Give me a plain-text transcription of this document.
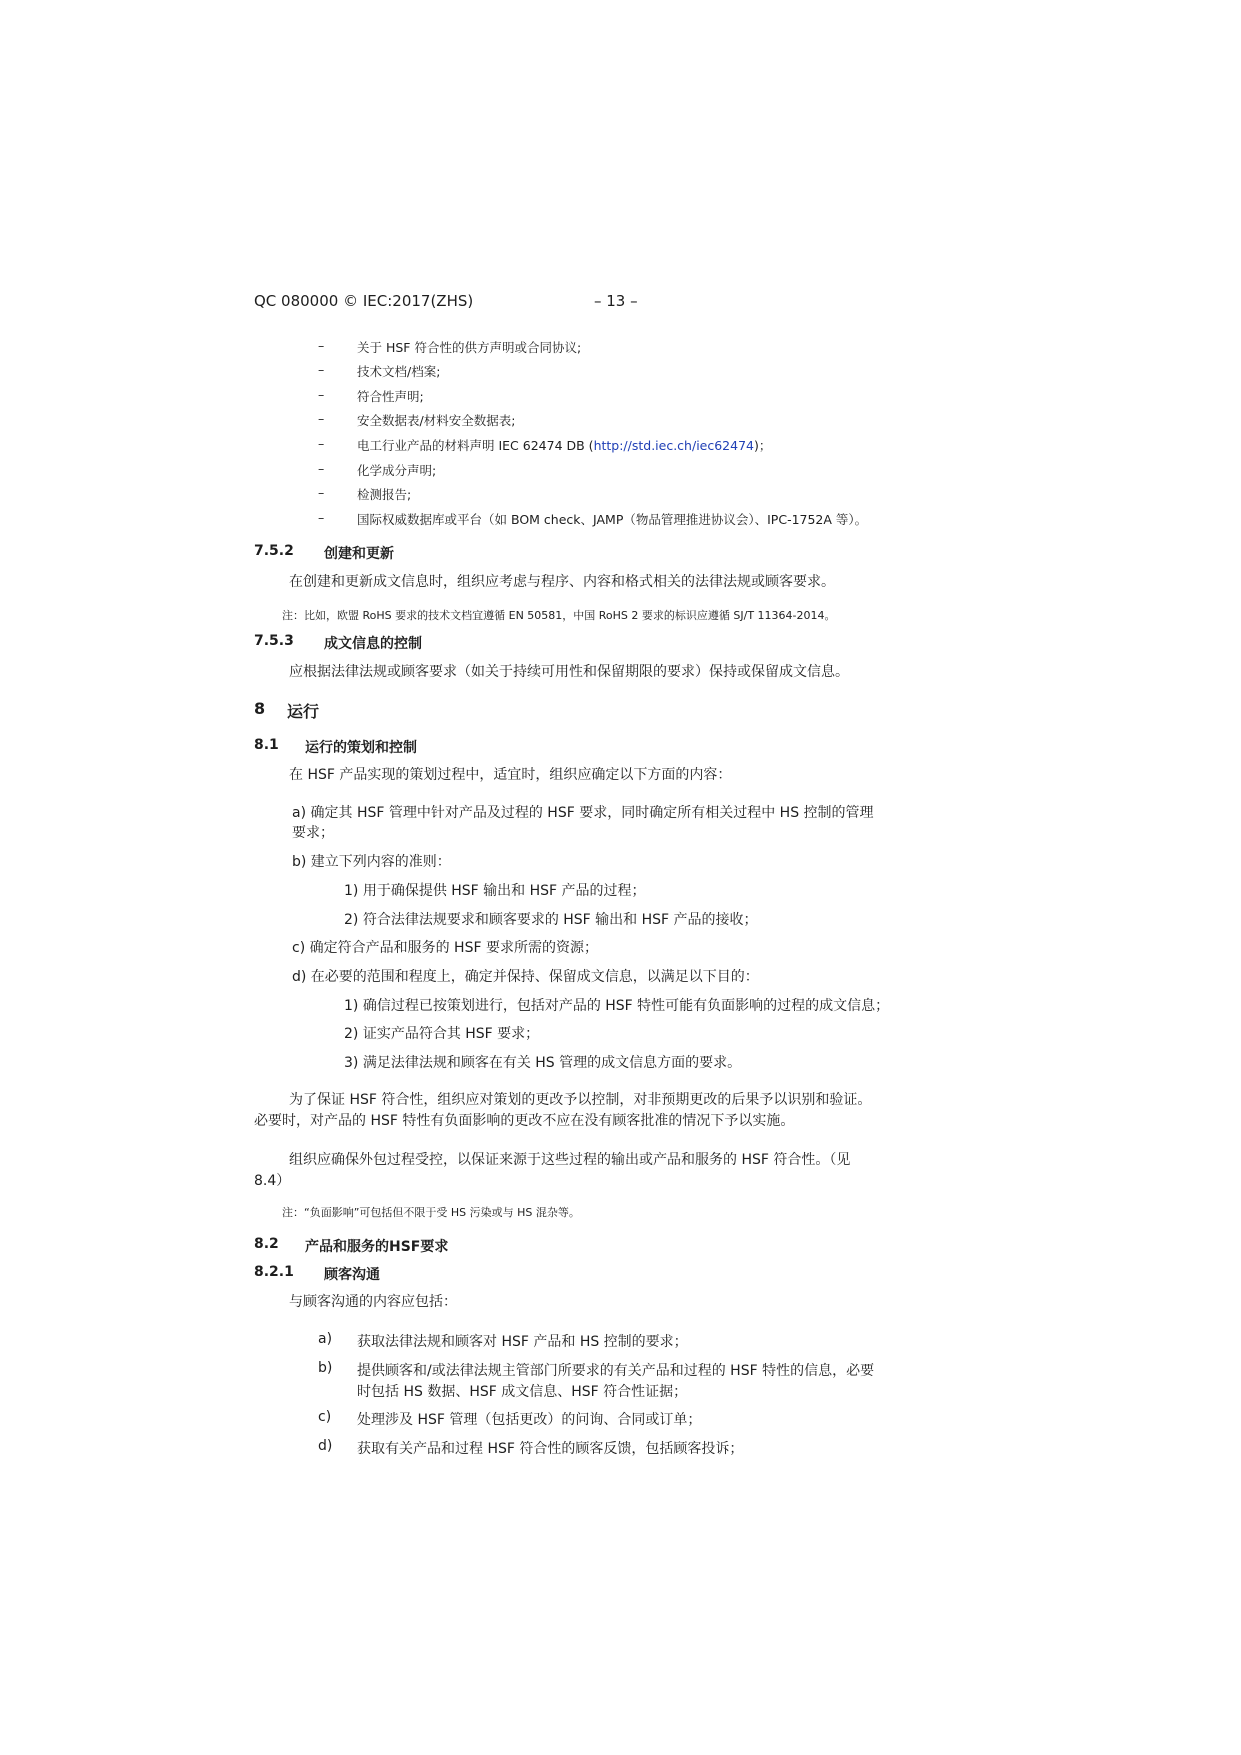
QC 080000 © IEC:2017(ZHS)	– 13 –
–	关于 HSF 符合性的供方声明或合同协议;
–	技术文档/档案;
–	符合性声明;
–	安全数据表/材料安全数据表;
–	电工行业产品的材料声明 IEC 62474 DB (http://std.iec.ch/iec62474)；
–	化学成分声明;
–	检测报告;
–	国际权威数据库或平台（如 BOM check、JAMP（物品管理推进协议会）、IPC-1752A 等）。
7.5.2 创建和更新
在创建和更新成文信息时，组织应考虑与程序、内容和格式相关的法律法规或顾客要求。
注：比如，欧盟 RoHS 要求的技术文档宜遵循 EN 50581，中国 RoHS 2 要求的标识应遵循 SJ/T 11364-2014。
7.5.3 成文信息的控制
应根据法律法规或顾客要求（如关于持续可用性和保留期限的要求）保持或保留成文信息。
8 运行
8.1 运行的策划和控制
在 HSF 产品实现的策划过程中，适宜时，组织应确定以下方面的内容：
a) 确定其 HSF 管理中针对产品及过程的 HSF 要求，同时确定所有相关过程中 HS 控制的管理
要求；
b) 建立下列内容的准则：
1) 用于确保提供 HSF 输出和 HSF 产品的过程；
2) 符合法律法规要求和顾客要求的 HSF 输出和 HSF 产品的接收；
c) 确定符合产品和服务的 HSF 要求所需的资源；
d) 在必要的范围和程度上，确定并保持、保留成文信息，以满足以下目的：
1) 确信过程已按策划进行，包括对产品的 HSF 特性可能有负面影响的过程的成文信息；
2) 证实产品符合其 HSF 要求；
3) 满足法律法规和顾客在有关 HS 管理的成文信息方面的要求。
为了保证 HSF 符合性，组织应对策划的更改予以控制，对非预期更改的后果予以识别和验证。
必要时，对产品的 HSF 特性有负面影响的更改不应在没有顾客批准的情况下予以实施。
组织应确保外包过程受控，以保证来源于这些过程的输出或产品和服务的 HSF 符合性。（见
8.4）
注：“负面影响”可包括但不限于受 HS 污染或与 HS 混杂等。
8.2 产品和服务的HSF要求
8.2.1 顾客沟通
与顾客沟通的内容应包括：
a) 获取法律法规和顾客对 HSF 产品和 HS 控制的要求；
b) 提供顾客和/或法律法规主管部门所要求的有关产品和过程的 HSF 特性的信息，必要
时包括 HS 数据、HSF 成文信息、HSF 符合性证据；
c) 处理涉及 HSF 管理（包括更改）的问询、合同或订单；
d) 获取有关产品和过程 HSF 符合性的顾客反馈，包括顾客投诉；
